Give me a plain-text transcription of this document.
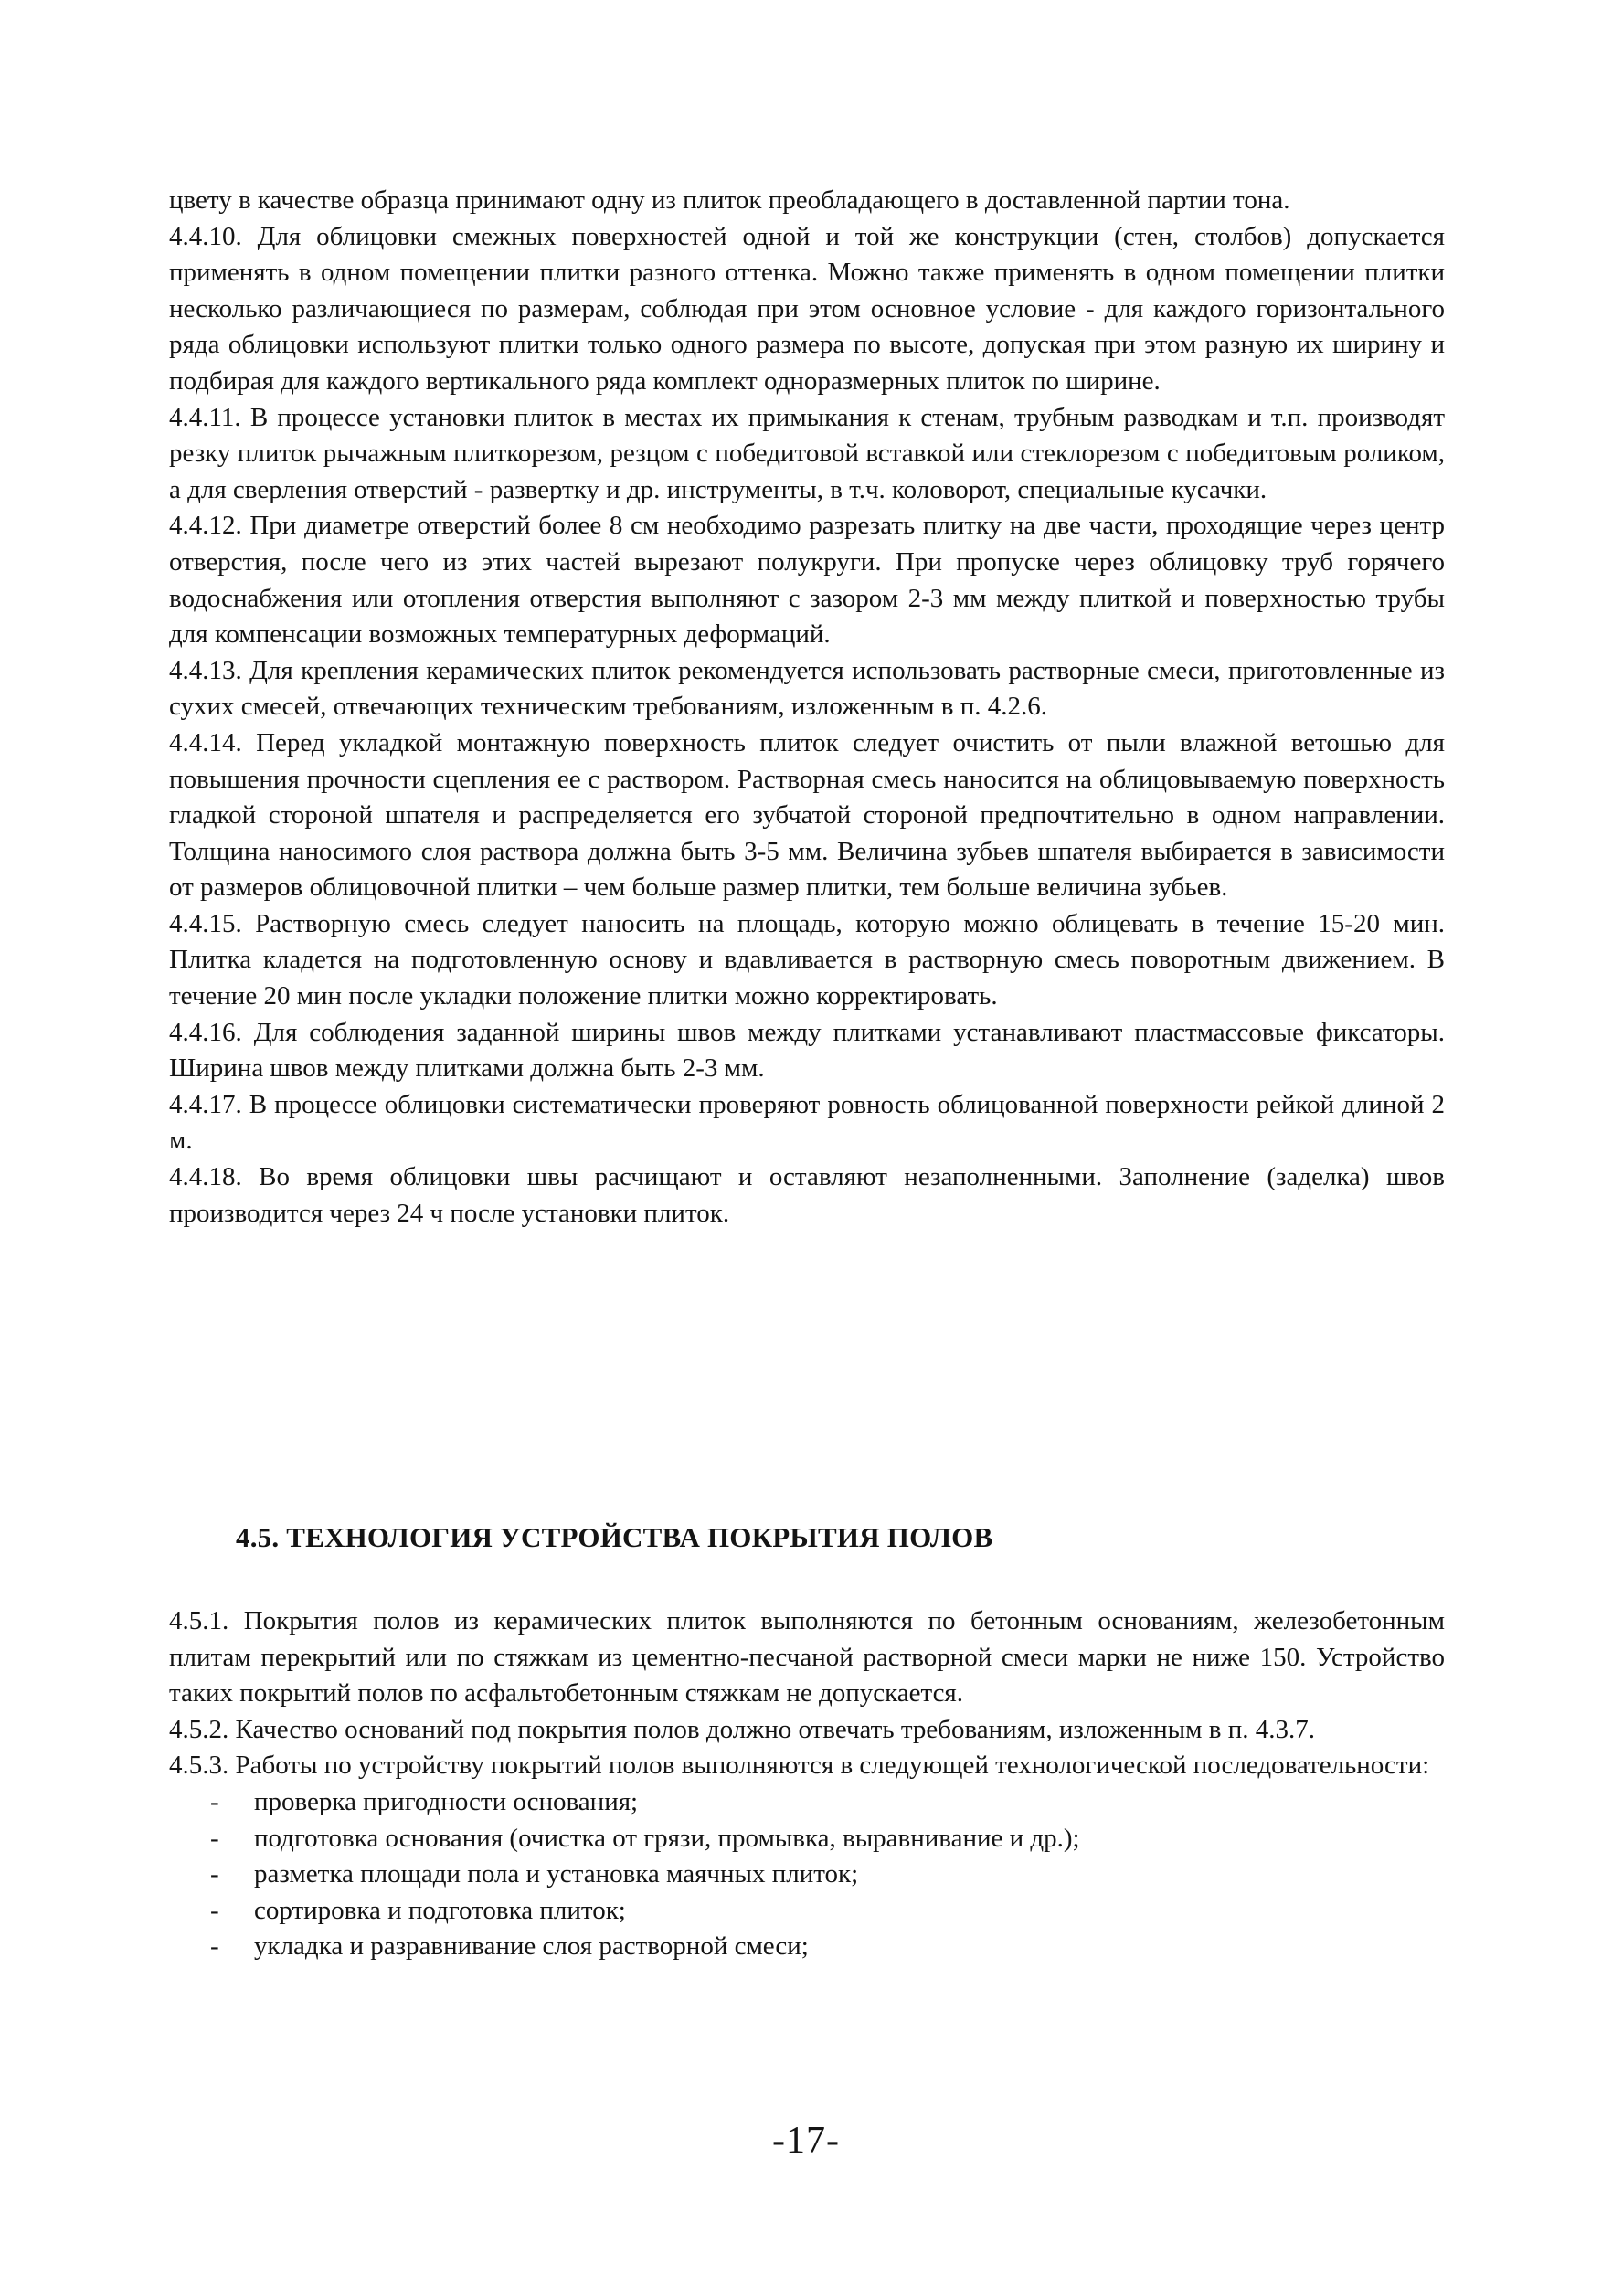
цвету в качестве образца принимают одну из плиток преобладающего в доставленной партии тона.

4.4.10. Для облицовки смежных поверхностей одной и той же конструкции (стен, столбов) допускается применять в одном помещении плитки разного оттенка. Можно также применять в одном помещении плитки несколько различающиеся по размерам, соблюдая при этом основное условие - для каждого горизонтального ряда облицовки используют плитки только одного размера по высоте, допуская при этом разную их ширину и подбирая для каждого вертикального ряда комплект одноразмерных плиток по ширине.

4.4.11. В процессе установки плиток в местах их примыкания к стенам, трубным разводкам и т.п. производят резку плиток рычажным плиткорезом, резцом с победитовой вставкой или стеклорезом с победитовым роликом, а для сверления отверстий - развертку и др. инструменты, в т.ч. коловорот, специальные кусачки.

4.4.12. При диаметре отверстий более 8 см необходимо разрезать плитку на две части, проходящие через центр отверстия, после чего из этих частей вырезают полукруги. При пропуске через облицовку труб горячего водоснабжения или отопления отверстия выполняют с зазором 2-3 мм между плиткой и поверхностью трубы для компенсации возможных температурных деформаций.

4.4.13. Для крепления керамических плиток рекомендуется использовать растворные смеси, приготовленные из сухих смесей, отвечающих техническим требованиям, изложенным в п. 4.2.6.

4.4.14. Перед укладкой монтажную поверхность плиток следует очистить от пыли влажной ветошью для повышения прочности сцепления ее с раствором. Растворная смесь наносится на облицовываемую поверхность гладкой стороной шпателя и распределяется его зубчатой стороной предпочтительно в одном направлении. Толщина наносимого слоя раствора должна быть 3-5 мм. Величина зубьев шпателя выбирается в зависимости от размеров облицовочной плитки – чем больше размер плитки, тем больше величина зубьев.

4.4.15. Растворную смесь следует наносить на площадь, которую можно облицевать в течение 15-20 мин. Плитка кладется на подготовленную основу и вдавливается в растворную смесь поворотным движением. В течение 20 мин после укладки положение плитки можно корректировать.

4.4.16. Для соблюдения заданной ширины швов между плитками устанавливают пластмассовые фиксаторы. Ширина швов между плитками должна быть 2-3 мм.

4.4.17. В процессе облицовки систематически проверяют ровность облицованной поверхности рейкой длиной 2 м.

4.4.18. Во время облицовки швы расчищают и оставляют незаполненными. Заполнение (заделка) швов производится через 24 ч после установки плиток.

4.5. ТЕХНОЛОГИЯ УСТРОЙСТВА ПОКРЫТИЯ ПОЛОВ

4.5.1. Покрытия полов из керамических плиток выполняются по бетонным основаниям, железобетонным плитам перекрытий или по стяжкам из цементно-песчаной растворной смеси марки не ниже 150. Устройство таких покрытий полов по асфальтобетонным стяжкам не допускается.

4.5.2. Качество оснований под покрытия полов должно отвечать требованиям, изложенным в п. 4.3.7.

4.5.3. Работы по устройству покрытий полов выполняются в следующей технологической последовательности:

- проверка пригодности основания;
- подготовка основания (очистка от грязи, промывка, выравнивание и др.);
- разметка площади пола и установка маячных плиток;
- сортировка и подготовка плиток;
- укладка и разравнивание слоя растворной смеси;
-17-
